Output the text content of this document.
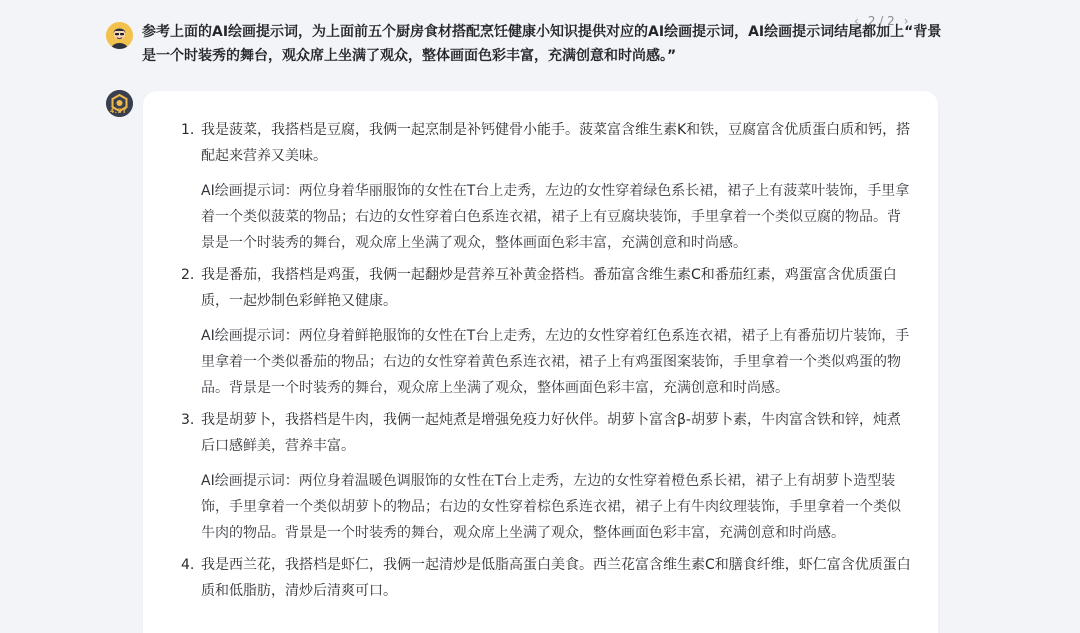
参考上面的AI绘画提示词，为上面前五个厨房食材搭配烹饪健康小知识提供对应的AI绘画提示词，AI绘画提示词结尾都加上“背景是一个时装秀的舞台，观众席上坐满了观众，整体画面色彩丰富，充满创意和时尚感。”
‹ 2 / 2 ›
4.5T
1. 我是菠菜，我搭档是豆腐，我俩一起烹制是补钙健骨小能手。菠菜富含维生素K和铁，豆腐富含优质蛋白质和钙，搭配起来营养又美味。
AI绘画提示词：两位身着华丽服饰的女性在T台上走秀，左边的女性穿着绿色系长裙，裙子上有菠菜叶装饰，手里拿着一个类似菠菜的物品；右边的女性穿着白色系连衣裙，裙子上有豆腐块装饰，手里拿着一个类似豆腐的物品。背景是一个时装秀的舞台，观众席上坐满了观众，整体画面色彩丰富，充满创意和时尚感。
2. 我是番茄，我搭档是鸡蛋，我俩一起翻炒是营养互补黄金搭档。番茄富含维生素C和番茄红素，鸡蛋富含优质蛋白质，一起炒制色彩鲜艳又健康。
AI绘画提示词：两位身着鲜艳服饰的女性在T台上走秀，左边的女性穿着红色系连衣裙，裙子上有番茄切片装饰，手里拿着一个类似番茄的物品；右边的女性穿着黄色系连衣裙，裙子上有鸡蛋图案装饰，手里拿着一个类似鸡蛋的物品。背景是一个时装秀的舞台，观众席上坐满了观众，整体画面色彩丰富，充满创意和时尚感。
3. 我是胡萝卜，我搭档是牛肉，我俩一起炖煮是增强免疫力好伙伴。胡萝卜富含β-胡萝卜素，牛肉富含铁和锌，炖煮后口感鲜美，营养丰富。
AI绘画提示词：两位身着温暖色调服饰的女性在T台上走秀，左边的女性穿着橙色系长裙，裙子上有胡萝卜造型装饰，手里拿着一个类似胡萝卜的物品；右边的女性穿着棕色系连衣裙，裙子上有牛肉纹理装饰，手里拿着一个类似牛肉的物品。背景是一个时装秀的舞台，观众席上坐满了观众，整体画面色彩丰富，充满创意和时尚感。
4. 我是西兰花，我搭档是虾仁，我俩一起清炒是低脂高蛋白美食。西兰花富含维生素C和膳食纤维，虾仁富含优质蛋白质和低脂肪，清炒后清爽可口。
